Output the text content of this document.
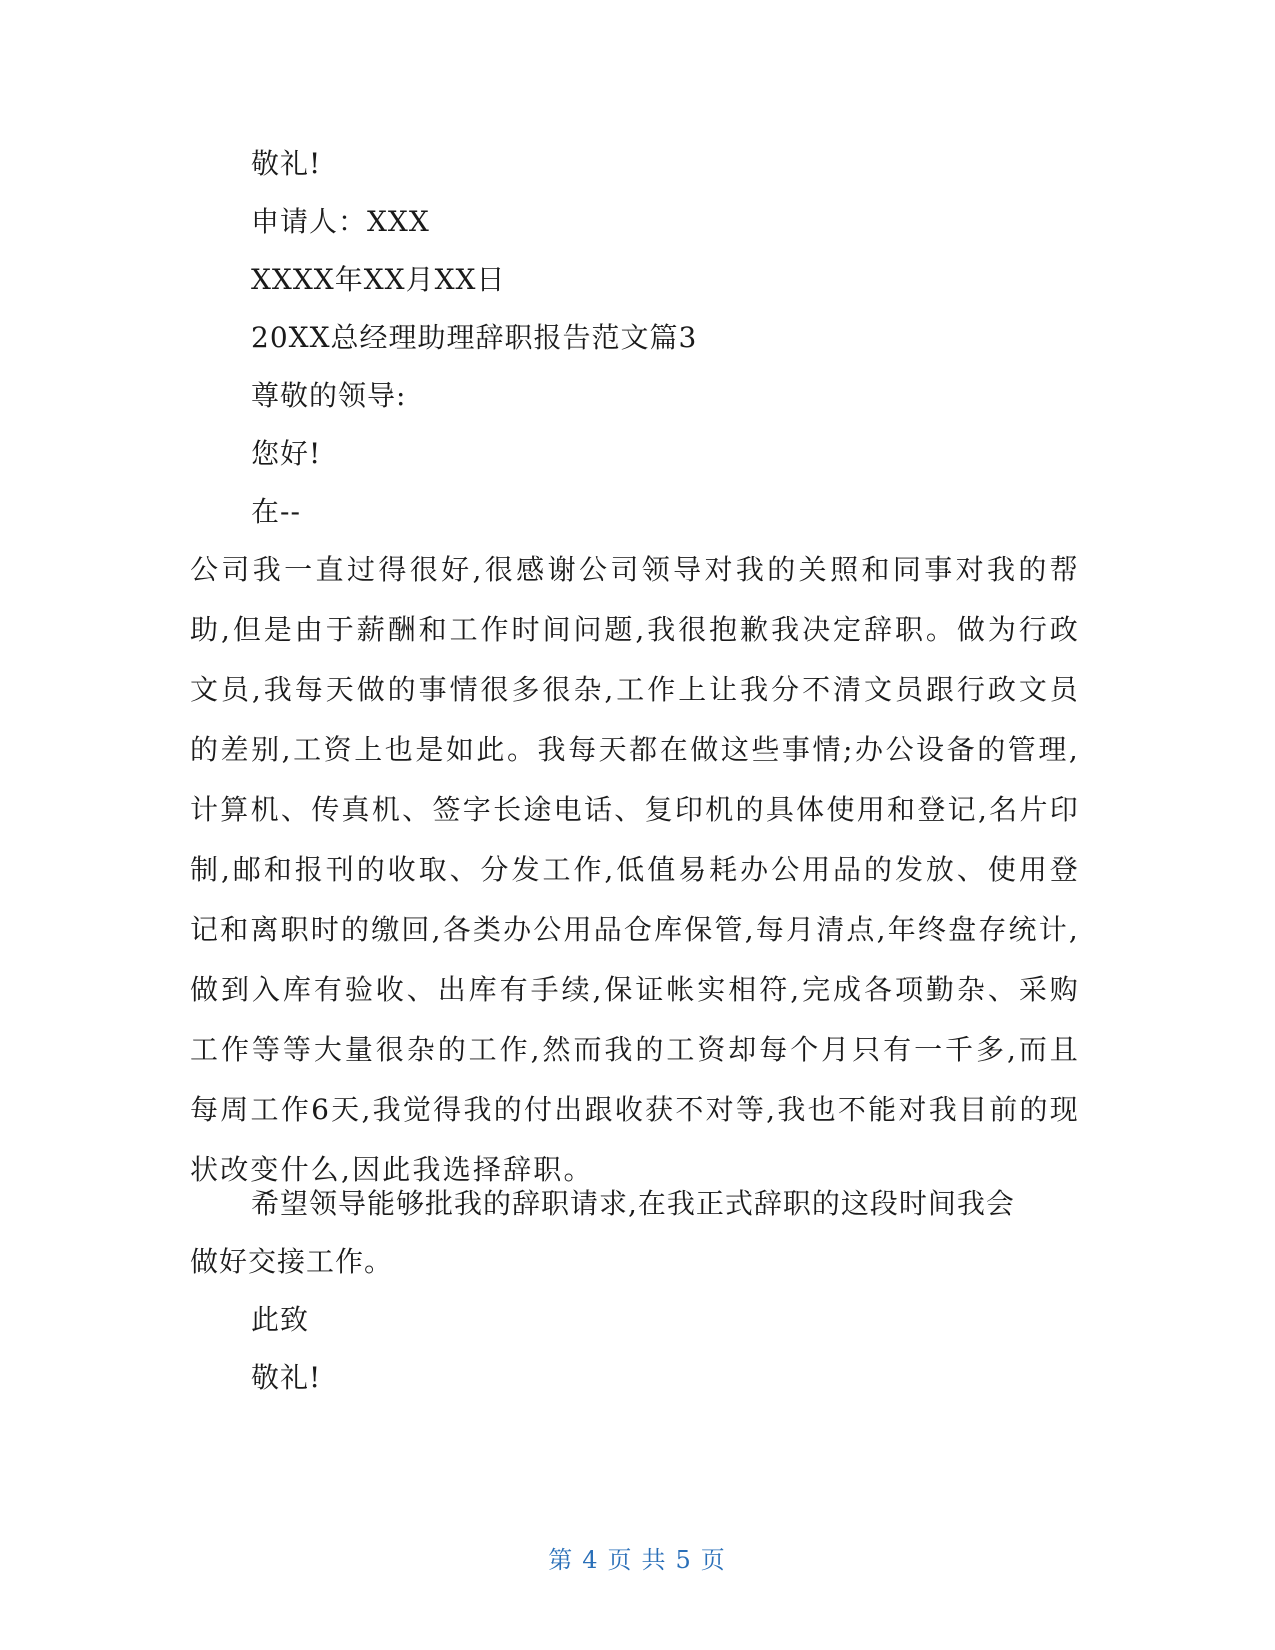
敬礼!
申请人：XXX
XXXX年XX月XX日
20XX总经理助理辞职报告范文篇3
尊敬的领导:
您好!
在--
公司我一直过得很好,很感谢公司领导对我的关照和同事对我的帮助,但是由于薪酬和工作时间问题,我很抱歉我决定辞职。做为行政文员,我每天做的事情很多很杂,工作上让我分不清文员跟行政文员的差别,工资上也是如此。我每天都在做这些事情;办公设备的管理,计算机、传真机、签字长途电话、复印机的具体使用和登记,名片印制,邮和报刊的收取、分发工作,低值易耗办公用品的发放、使用登记和离职时的缴回,各类办公用品仓库保管,每月清点,年终盘存统计,做到入库有验收、出库有手续,保证帐实相符,完成各项勤杂、采购工作等等大量很杂的工作,然而我的工资却每个月只有一千多,而且每周工作6天,我觉得我的付出跟收获不对等,我也不能对我目前的现状改变什么,因此我选择辞职。
希望领导能够批我的辞职请求,在我正式辞职的这段时间我会
做好交接工作。
此致
敬礼!
第 4 页 共 5 页
